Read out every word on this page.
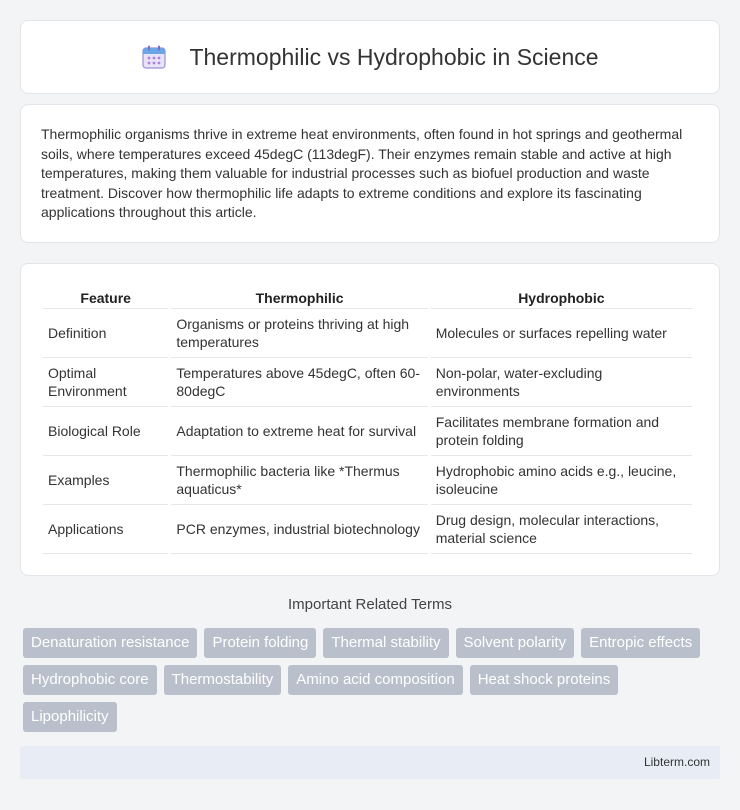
Thermophilic vs Hydrophobic in Science

Thermophilic organisms thrive in extreme heat environments, often found in hot springs and geothermal soils, where temperatures exceed 45degC (113degF). Their enzymes remain stable and active at high temperatures, making them valuable for industrial processes such as biofuel production and waste treatment. Discover how thermophilic life adapts to extreme conditions and explore its fascinating applications throughout this article.

Feature	Thermophilic	Hydrophobic
Definition	Organisms or proteins thriving at high temperatures	Molecules or surfaces repelling water
Optimal Environment	Temperatures above 45degC, often 60-80degC	Non-polar, water-excluding environments
Biological Role	Adaptation to extreme heat for survival	Facilitates membrane formation and protein folding
Examples	Thermophilic bacteria like *Thermus aquaticus*	Hydrophobic amino acids e.g., leucine, isoleucine
Applications	PCR enzymes, industrial biotechnology	Drug design, molecular interactions, material science
Important Related Terms
Denaturation resistance	Protein folding	Thermal stability	Solvent polarity	Entropic effects
Hydrophobic core	Thermostability	Amino acid composition	Heat shock proteins
Lipophilicity
Libterm.com
